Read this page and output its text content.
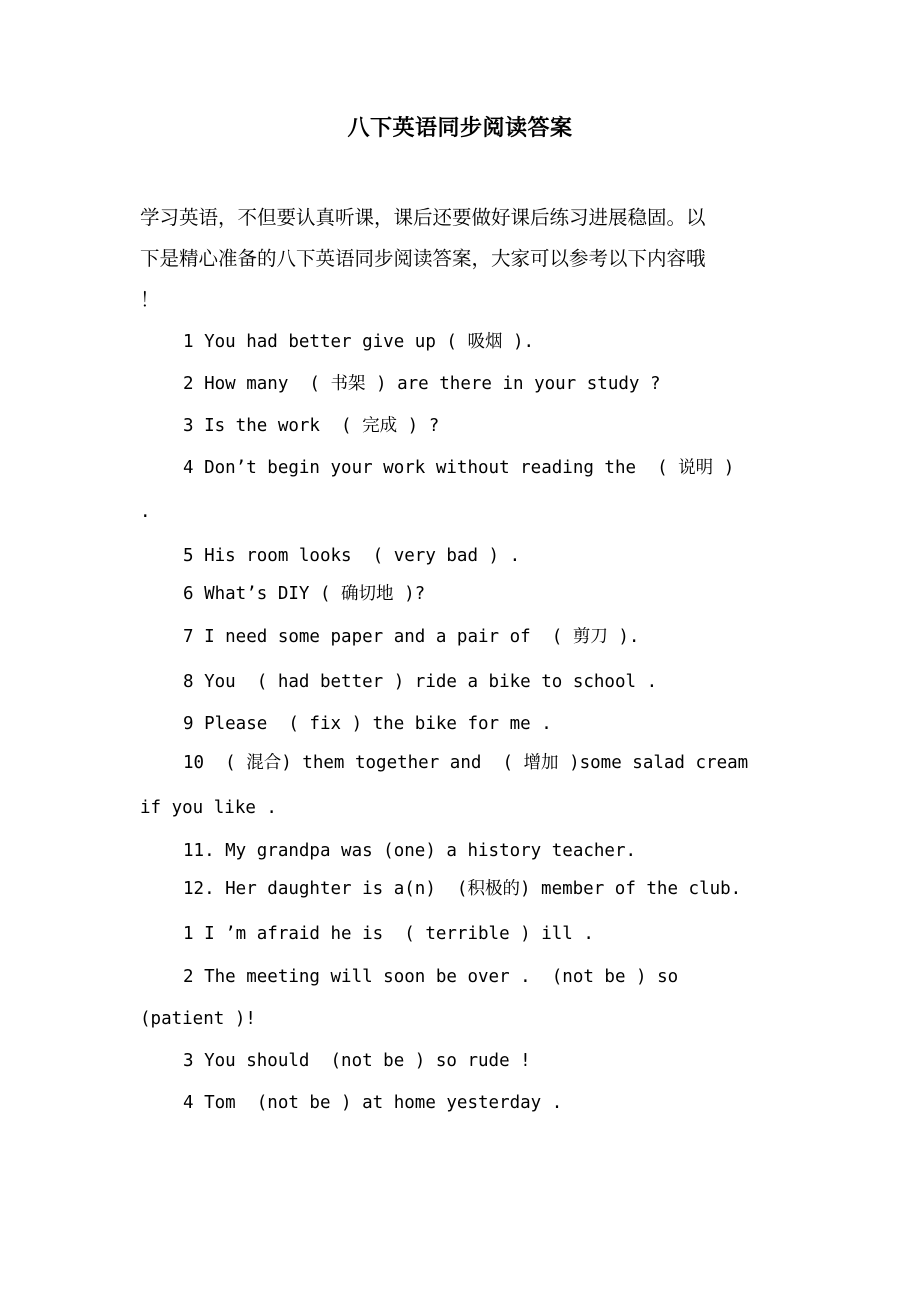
八下英语同步阅读答案
学习英语，不但要认真听课，课后还要做好课后练习进展稳固。以
下是精心准备的八下英语同步阅读答案，大家可以参考以下内容哦
！
1 You had better give up ( 吸烟 ).
2 How many  ( 书架 ) are there in your study ?
3 Is the work  ( 完成 ) ?
4 Don’t begin your work without reading the  ( 说明 )
.
5 His room looks  ( very bad ) .
6 What’s DIY ( 确切地 )?
7 I need some paper and a pair of  ( 剪刀 ).
8 You  ( had better ) ride a bike to school .
9 Please  ( fix ) the bike for me .
10  ( 混合) them together and  ( 增加 )some salad cream
if you like .
11. My grandpa was (one) a history teacher.
12. Her daughter is a(n)  (积极的) member of the club.
1 I ’m afraid he is  ( terrible ) ill .
2 The meeting will soon be over .  (not be ) so
(patient )!
3 You should  (not be ) so rude !
4 Tom  (not be ) at home yesterday .
